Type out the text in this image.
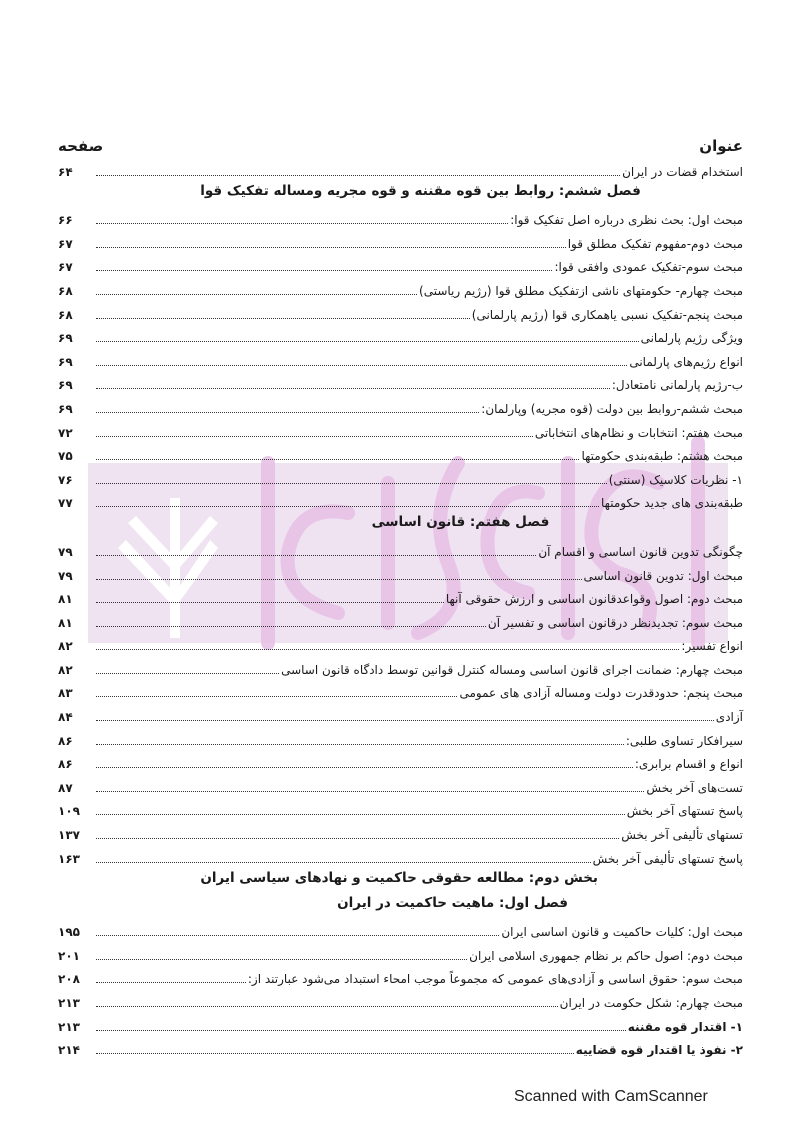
عنوان
صفحه
استخدام قضات در ایران
۶۴
فصل ششم: روابط بین قوه مقننه و قوه مجریه ومساله تفکیک قوا
مبحث اول: بحث نظری درباره اصل تفکیک قوا:
۶۶
مبحث دوم-مفهوم تفکیک مطلق قوا
۶۷
مبحث سوم-تفکیک عمودی وافقی قوا:
۶۷
مبحث چهارم- حکومتهای ناشی ازتفکیک مطلق قوا (رژیم ریاستی)
۶۸
مبحث پنجم-تفکیک نسبی یاهمکاری قوا (رژیم پارلمانی)
۶۸
ویژگی رژیم پارلمانی
۶۹
انواع رژیم‌های پارلمانی
۶۹
ب-رژیم پارلمانی نامتعادل:
۶۹
مبحث ششم-روابط بین دولت (قوه مجریه) وپارلمان:
۶۹
مبحث هفتم: انتخابات و نظام‌های انتخاباتی
۷۲
مبحث هشتم: طبقه‌بندی حکومتها
۷۵
۱- نظریات کلاسیک (سنتی)
۷۶
طبقه‌بندی های جدید حکومتها
۷۷
فصل هفتم: قانون اساسی
چگونگی تدوین قانون اساسی و اقسام آن
۷۹
مبحث اول: تدوین قانون اساسی
۷۹
مبحث دوم: اصول وقواعدقانون اساسی و ارزش حقوقی آنها
۸۱
مبحث سوم: تجدیدنظر درقانون اساسی و تفسیر آن
۸۱
انواع تفسیر:
۸۲
مبحث چهارم: ضمانت اجرای قانون اساسی ومساله کنترل قوانین توسط دادگاه قانون اساسی
۸۲
مبحث پنجم: حدودقدرت دولت ومساله آزادی های عمومی
۸۳
آزادی
۸۴
سیرافکار تساوی طلبی:
۸۶
انواع و اقسام برابری:
۸۶
تست‌های آخر بخش
۸۷
پاسخ تستهای آخر بخش
۱۰۹
تستهای تألیفی آخر بخش
۱۳۷
پاسخ تستهای تألیفی آخر بخش
۱۶۳
بخش دوم: مطالعه حقوقی حاکمیت و نهادهای سیاسی ایران
فصل اول: ماهیت حاکمیت در ایران
مبحث اول: کلیات حاکمیت و قانون اساسی ایران
۱۹۵
مبحث دوم: اصول حاکم بر نظام جمهوری اسلامی ایران
۲۰۱
مبحث سوم: حقوق اساسی و آزادی‌های عمومی که مجموعاً موجب امحاء استبداد می‌شود عبارتند از:
۲۰۸
مبحث چهارم: شکل حکومت در ایران
۲۱۳
۱- اقتدار قوه مقننه
۲۱۳
۲- نفوذ یا اقتدار قوه قضاییه
۲۱۴
Scanned with CamScanner
